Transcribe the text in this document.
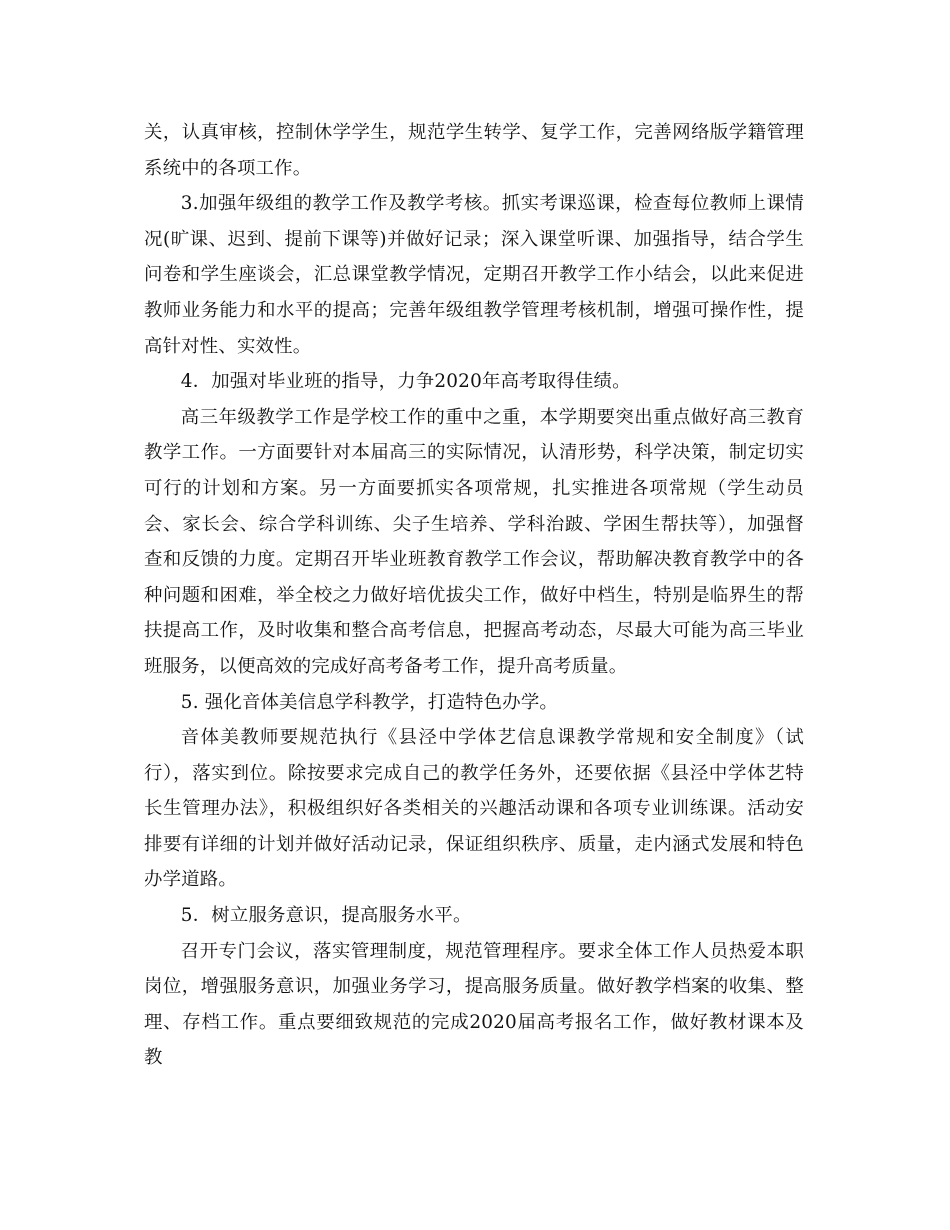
关，认真审核，控制休学学生，规范学生转学、复学工作，完善网络版学籍管理系统中的各项工作。

3.加强年级组的教学工作及教学考核。抓实考课巡课，检查每位教师上课情况(旷课、迟到、提前下课等)并做好记录；深入课堂听课、加强指导，结合学生问卷和学生座谈会，汇总课堂教学情况，定期召开教学工作小结会，以此来促进教师业务能力和水平的提高；完善年级组教学管理考核机制，增强可操作性，提高针对性、实效性。

4．加强对毕业班的指导，力争2020年高考取得佳绩。

高三年级教学工作是学校工作的重中之重，本学期要突出重点做好高三教育教学工作。一方面要针对本届高三的实际情况，认清形势，科学决策，制定切实可行的计划和方案。另一方面要抓实各项常规，扎实推进各项常规（学生动员会、家长会、综合学科训练、尖子生培养、学科治跛、学困生帮扶等），加强督查和反馈的力度。定期召开毕业班教育教学工作会议，帮助解决教育教学中的各种问题和困难，举全校之力做好培优拔尖工作，做好中档生，特别是临界生的帮扶提高工作，及时收集和整合高考信息，把握高考动态，尽最大可能为高三毕业班服务，以便高效的完成好高考备考工作，提升高考质量。

5. 强化音体美信息学科教学，打造特色办学。

音体美教师要规范执行《县泾中学体艺信息课教学常规和安全制度》（试行），落实到位。除按要求完成自己的教学任务外，还要依据《县泾中学体艺特长生管理办法》，积极组织好各类相关的兴趣活动课和各项专业训练课。活动安排要有详细的计划并做好活动记录，保证组织秩序、质量，走内涵式发展和特色办学道路。

5．树立服务意识，提高服务水平。

召开专门会议，落实管理制度，规范管理程序。要求全体工作人员热爱本职岗位，增强服务意识，加强业务学习，提高服务质量。做好教学档案的收集、整理、存档工作。重点要细致规范的完成2020届高考报名工作，做好教材课本及教
